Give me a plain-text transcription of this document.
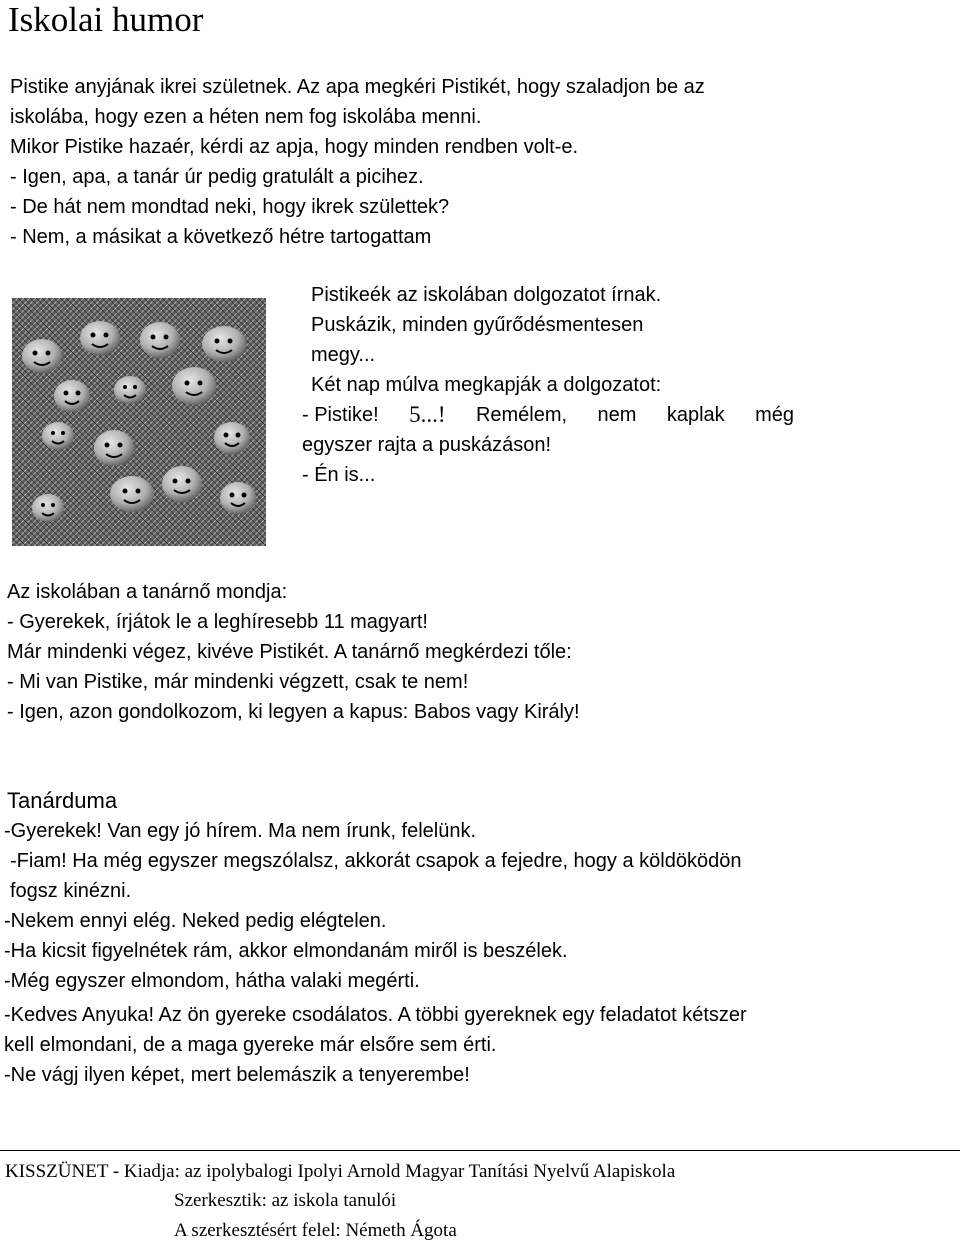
Iskolai humor
Pistike anyjának ikrei születnek. Az apa megkéri Pistikét, hogy szaladjon be az
iskolába, hogy ezen a héten nem fog iskolába menni.
Mikor Pistike hazaér, kérdi az apja, hogy minden rendben volt-e.
- Igen, apa, a tanár úr pedig gratulált a picihez.
- De hát nem mondtad neki, hogy ikrek születtek?
- Nem, a másikat a következő hétre tartogattam
Pistikeék az iskolában dolgozatot írnak.
Puskázik, minden gyűrődésmentesen
megy...
Két nap múlva megkapják a dolgozatot:
- Pistike! 5...! Remélem, nem kaplak még
egyszer rajta a puskázáson!
- Én is...
Az iskolában a tanárnő mondja:
- Gyerekek, írjátok le a leghíresebb 11 magyart!
Már mindenki végez, kivéve Pistikét. A tanárnő megkérdezi tőle:
- Mi van Pistike, már mindenki végzett, csak te nem!
- Igen, azon gondolkozom, ki legyen a kapus: Babos vagy Király!
Tanárduma
-Gyerekek! Van egy jó hírem. Ma nem írunk, felelünk.
-Fiam! Ha még egyszer megszólalsz, akkorát csapok a fejedre, hogy a köldöködön
fogsz kinézni.
-Nekem ennyi elég. Neked pedig elégtelen.
-Ha kicsit figyelnétek rám, akkor elmondanám miről is beszélek.
-Még egyszer elmondom, hátha valaki megérti.
-Kedves Anyuka! Az ön gyereke csodálatos. A többi gyereknek egy feladatot kétszer
kell elmondani, de a maga gyereke már elsőre sem érti.
-Ne vágj ilyen képet, mert belemászik a tenyerembe!
KISSZÜNET - Kiadja: az ipolybalogi Ipolyi Arnold Magyar Tanítási Nyelvű Alapiskola
Szerkesztik: az iskola tanulói
A szerkesztésért felel: Németh Ágota
